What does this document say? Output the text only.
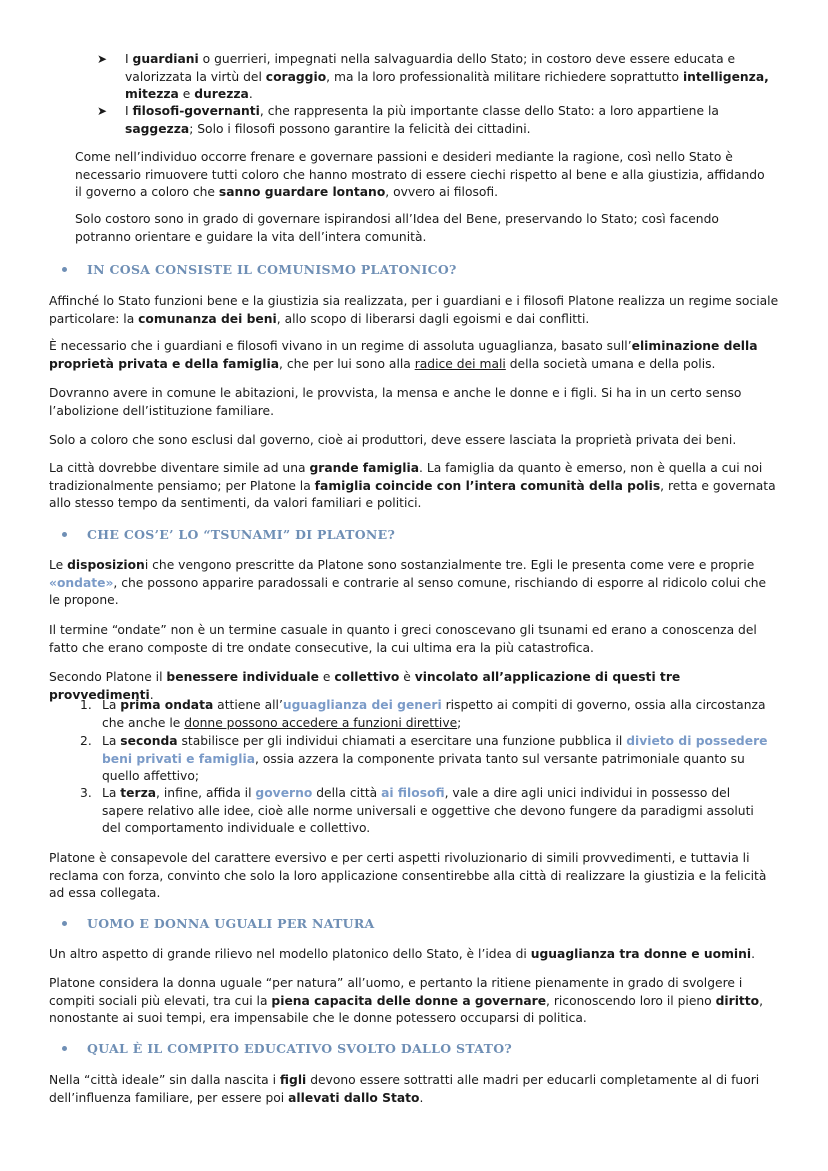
➤	I guardiani o guerrieri, impegnati nella salvaguardia dello Stato; in costoro deve essere educata e valorizzata la virtù del coraggio, ma la loro professionalità militare richiedere soprattutto intelligenza, mitezza e durezza.
➤	I filosofi-governanti, che rappresenta la più importante classe dello Stato: a loro appartiene la saggezza; Solo i filosofi possono garantire la felicità dei cittadini.

Come nell’individuo occorre frenare e governare passioni e desideri mediante la ragione, così nello Stato è necessario rimuovere tutti coloro che hanno mostrato di essere ciechi rispetto al bene e alla giustizia, affidando il governo a coloro che sanno guardare lontano, ovvero ai filosofi.

Solo costoro sono in grado di governare ispirandosi all’Idea del Bene, preservando lo Stato; così facendo potranno orientare e guidare la vita dell’intera comunità.

IN COSA CONSISTE IL COMUNISMO PLATONICO?

Affinché lo Stato funzioni bene e la giustizia sia realizzata, per i guardiani e i filosofi Platone realizza un regime sociale particolare: la comunanza dei beni, allo scopo di liberarsi dagli egoismi e dai conflitti.

È necessario che i guardiani e filosofi vivano in un regime di assoluta uguaglianza, basato sull’eliminazione della proprietà privata e della famiglia, che per lui sono alla radice dei mali della società umana e della polis.

Dovranno avere in comune le abitazioni, le provvista, la mensa e anche le donne e i figli. Si ha in un certo senso l’abolizione dell’istituzione familiare.

Solo a coloro che sono esclusi dal governo, cioè ai produttori, deve essere lasciata la proprietà privata dei beni.

La città dovrebbe diventare simile ad una grande famiglia. La famiglia da quanto è emerso, non è quella a cui noi tradizionalmente pensiamo; per Platone la famiglia coincide con l’intera comunità della polis, retta e governata allo stesso tempo da sentimenti, da valori familiari e politici.

CHE COS’E’ LO “TSUNAMI” DI PLATONE?

Le disposizioni che vengono prescritte da Platone sono sostanzialmente tre. Egli le presenta come vere e proprie «ondate», che possono apparire paradossali e contrarie al senso comune, rischiando di esporre al ridicolo colui che le propone.

Il termine “ondate” non è un termine casuale in quanto i greci conoscevano gli tsunami ed erano a conoscenza del fatto che erano composte di tre ondate consecutive, la cui ultima era la più catastrofica.

Secondo Platone il benessere individuale e collettivo è vincolato all’applicazione di questi tre provvedimenti.

1. La prima ondata attiene all’uguaglianza dei generi rispetto ai compiti di governo, ossia alla circostanza che anche le donne possono accedere a funzioni direttive;
2. La seconda stabilisce per gli individui chiamati a esercitare una funzione pubblica il divieto di possedere beni privati e famiglia, ossia azzera la componente privata tanto sul versante patrimoniale quanto su quello affettivo;
3. La terza, infine, affida il governo della città ai filosofi, vale a dire agli unici individui in possesso del sapere relativo alle idee, cioè alle norme universali e oggettive che devono fungere da paradigmi assoluti del comportamento individuale e collettivo.

Platone è consapevole del carattere eversivo e per certi aspetti rivoluzionario di simili provvedimenti, e tuttavia li reclama con forza, convinto che solo la loro applicazione consentirebbe alla città di realizzare la giustizia e la felicità ad essa collegata.

UOMO E DONNA UGUALI PER NATURA

Un altro aspetto di grande rilievo nel modello platonico dello Stato, è l’idea di uguaglianza tra donne e uomini.

Platone considera la donna uguale “per natura” all’uomo, e pertanto la ritiene pienamente in grado di svolgere i compiti sociali più elevati, tra cui la piena capacita delle donne a governare, riconoscendo loro il pieno diritto, nonostante ai suoi tempi, era impensabile che le donne potessero occuparsi di politica.

QUAL È IL COMPITO EDUCATIVO SVOLTO DALLO STATO?

Nella “città ideale” sin dalla nascita i figli devono essere sottratti alle madri per educarli completamente al di fuori dell’influenza familiare, per essere poi allevati dallo Stato.
